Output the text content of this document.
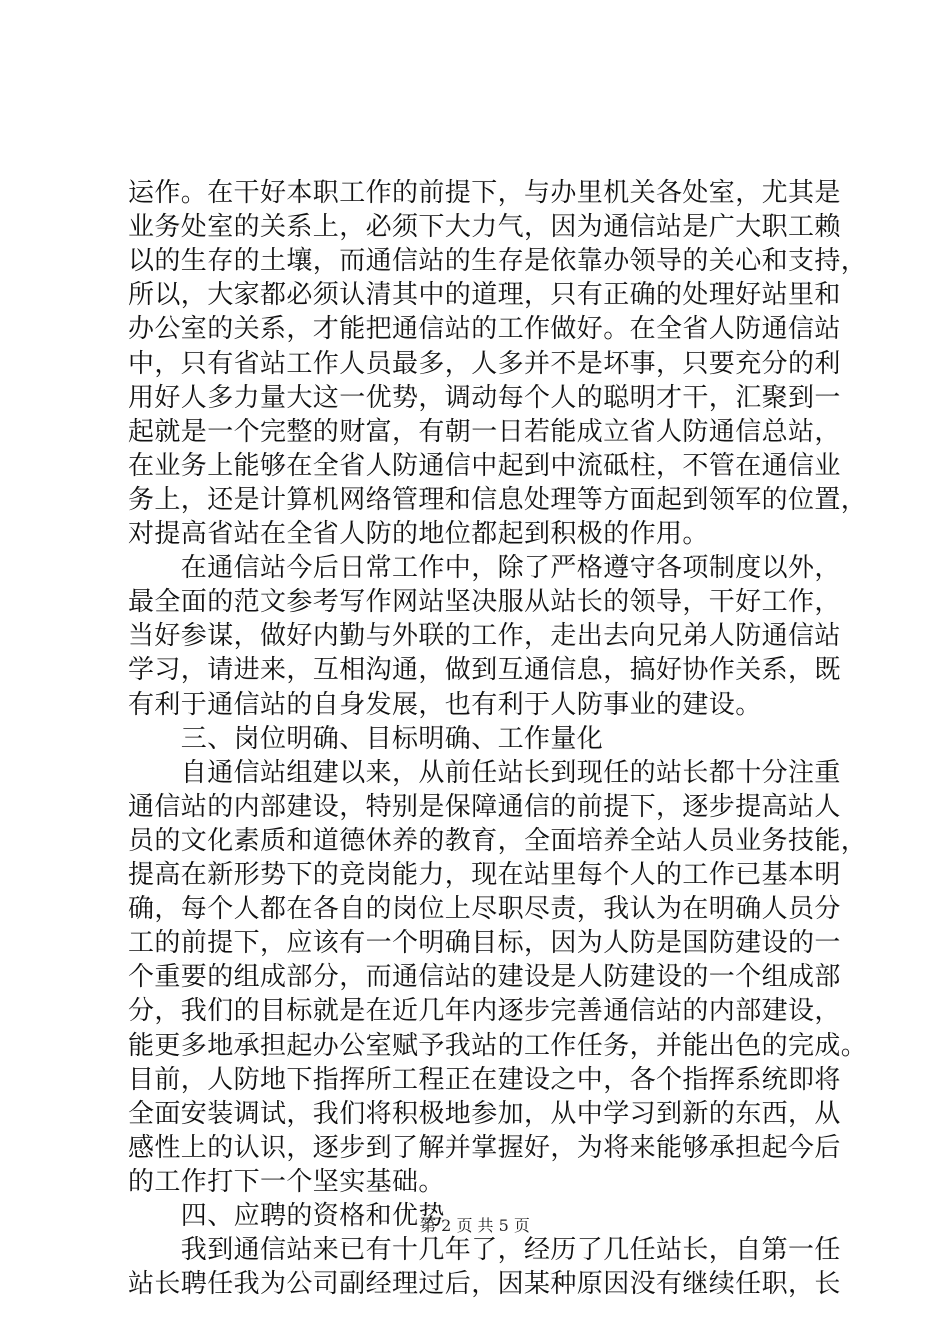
运作。在干好本职工作的前提下，与办里机关各处室，尤其是
业务处室的关系上，必须下大力气，因为通信站是广大职工赖
以的生存的土壤，而通信站的生存是依靠办领导的关心和支持，
所以，大家都必须认清其中的道理，只有正确的处理好站里和
办公室的关系，才能把通信站的工作做好。在全省人防通信站
中，只有省站工作人员最多，人多并不是坏事，只要充分的利
用好人多力量大这一优势，调动每个人的聪明才干，汇聚到一
起就是一个完整的财富，有朝一日若能成立省人防通信总站，
在业务上能够在全省人防通信中起到中流砥柱，不管在通信业
务上，还是计算机网络管理和信息处理等方面起到领军的位置，
对提高省站在全省人防的地位都起到积极的作用。
　　在通信站今后日常工作中，除了严格遵守各项制度以外，
最全面的范文参考写作网站坚决服从站长的领导，干好工作，
当好参谋，做好内勤与外联的工作，走出去向兄弟人防通信站
学习，请进来，互相沟通，做到互通信息，搞好协作关系，既
有利于通信站的自身发展，也有利于人防事业的建设。
　　三、岗位明确、目标明确、工作量化
　　自通信站组建以来，从前任站长到现任的站长都十分注重
通信站的内部建设，特别是保障通信的前提下，逐步提高站人
员的文化素质和道德休养的教育，全面培养全站人员业务技能，
提高在新形势下的竞岗能力，现在站里每个人的工作已基本明
确，每个人都在各自的岗位上尽职尽责，我认为在明确人员分
工的前提下，应该有一个明确目标，因为人防是国防建设的一
个重要的组成部分，而通信站的建设是人防建设的一个组成部
分，我们的目标就是在近几年内逐步完善通信站的内部建设，
能更多地承担起办公室赋予我站的工作任务，并能出色的完成。
目前，人防地下指挥所工程正在建设之中，各个指挥系统即将
全面安装调试，我们将积极地参加，从中学习到新的东西，从
感性上的认识，逐步到了解并掌握好，为将来能够承担起今后
的工作打下一个坚实基础。
　　四、应聘的资格和优势
　　我到通信站来已有十几年了，经历了几任站长，自第一任
站长聘任我为公司副经理过后，因某种原因没有继续任职，长
第 2 页 共 5 页
